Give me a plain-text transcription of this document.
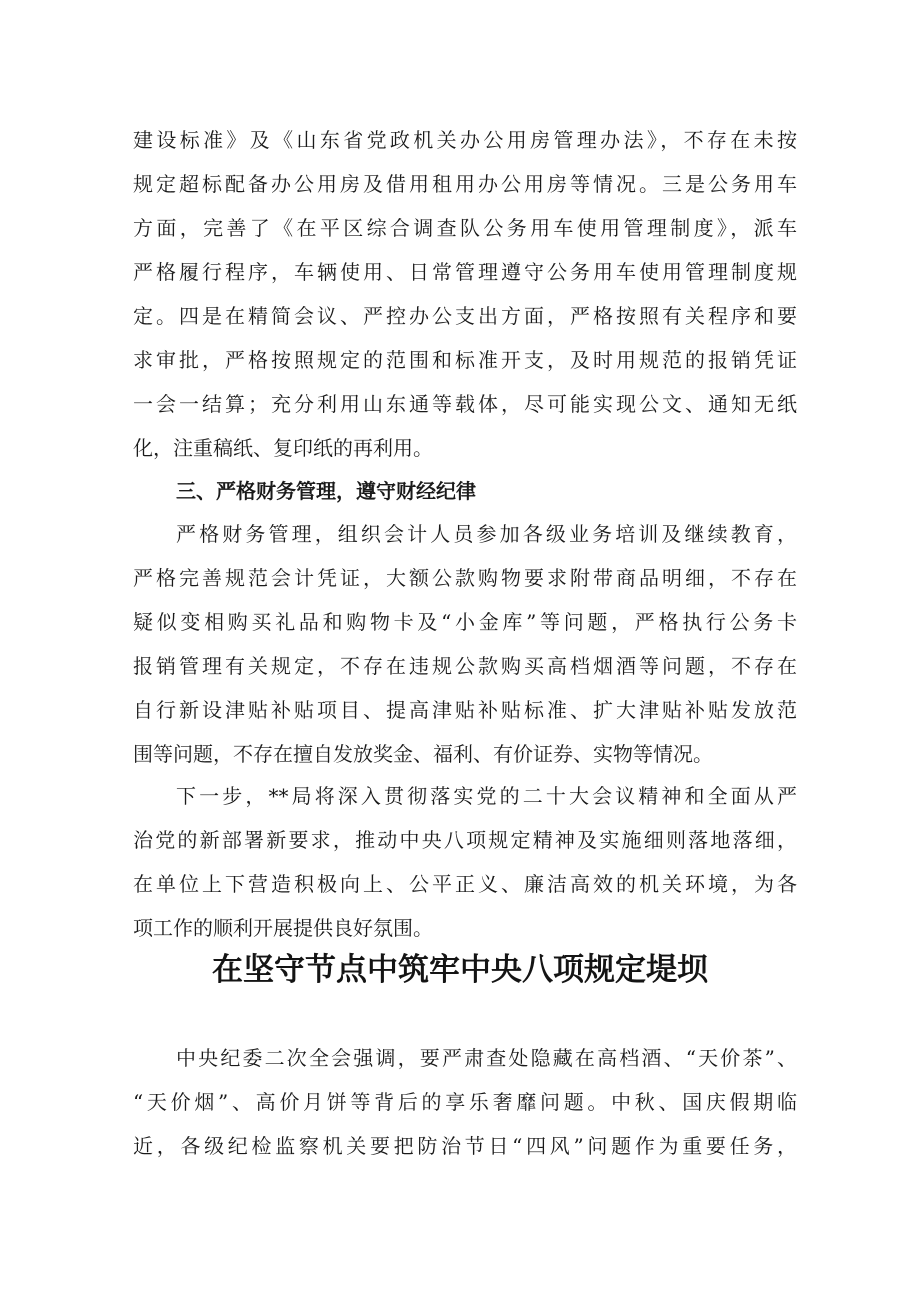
建设标准》及《山东省党政机关办公用房管理办法》，不存在未按
规定超标配备办公用房及借用租用办公用房等情况。三是公务用车
方面，完善了《在平区综合调查队公务用车使用管理制度》，派车
严格履行程序，车辆使用、日常管理遵守公务用车使用管理制度规
定。四是在精简会议、严控办公支出方面，严格按照有关程序和要
求审批，严格按照规定的范围和标准开支，及时用规范的报销凭证
一会一结算；充分利用山东通等载体，尽可能实现公文、通知无纸
化，注重稿纸、复印纸的再利用。
三、严格财务管理，遵守财经纪律
严格财务管理，组织会计人员参加各级业务培训及继续教育，
严格完善规范会计凭证，大额公款购物要求附带商品明细，不存在
疑似变相购买礼品和购物卡及“小金库”等问题，严格执行公务卡
报销管理有关规定，不存在违规公款购买高档烟酒等问题，不存在
自行新设津贴补贴项目、提高津贴补贴标准、扩大津贴补贴发放范
围等问题，不存在擅自发放奖金、福利、有价证券、实物等情况。
下一步，**局将深入贯彻落实党的二十大会议精神和全面从严
治党的新部署新要求，推动中央八项规定精神及实施细则落地落细，
在单位上下营造积极向上、公平正义、廉洁高效的机关环境，为各
项工作的顺利开展提供良好氛围。
在坚守节点中筑牢中央八项规定堤坝
中央纪委二次全会强调，要严肃查处隐藏在高档酒、“天价茶”、
“天价烟”、高价月饼等背后的享乐奢靡问题。中秋、国庆假期临
近，各级纪检监察机关要把防治节日“四风”问题作为重要任务，
